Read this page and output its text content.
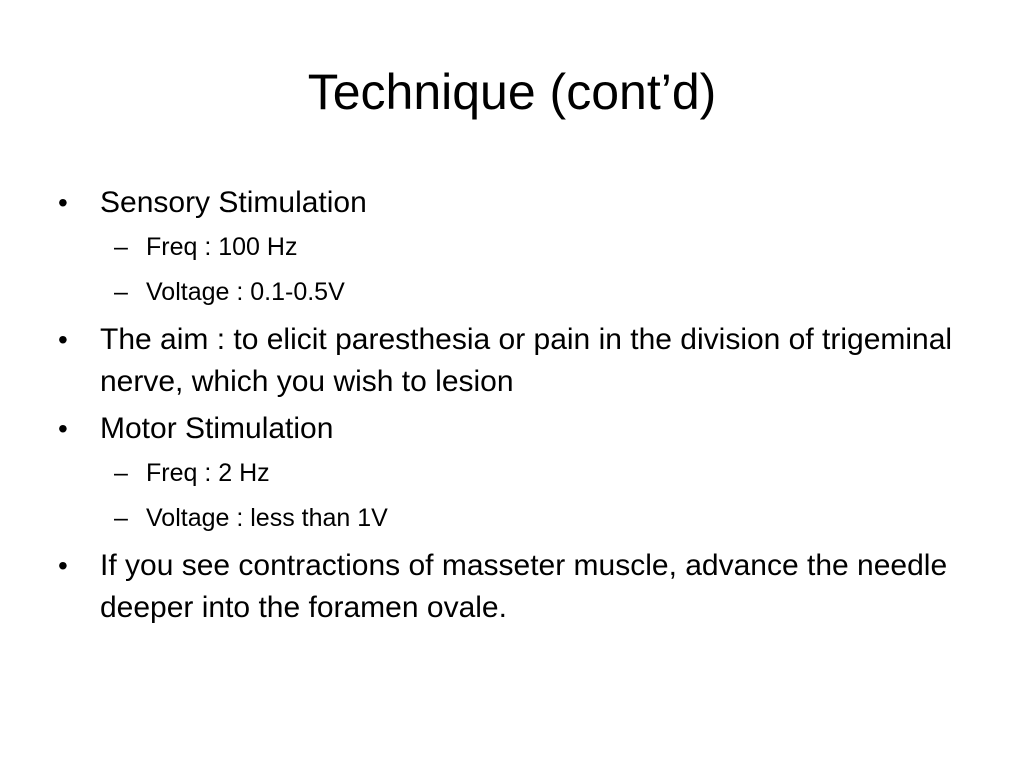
Technique (cont’d)
•	Sensory Stimulation
– Freq : 100 Hz
– Voltage : 0.1-0.5V
•	The aim : to elicit paresthesia or pain in the division of trigeminal nerve, which you wish to lesion
•	Motor Stimulation
– Freq : 2 Hz
– Voltage : less than 1V
•	If you see contractions of masseter muscle, advance the needle deeper into the foramen ovale.
